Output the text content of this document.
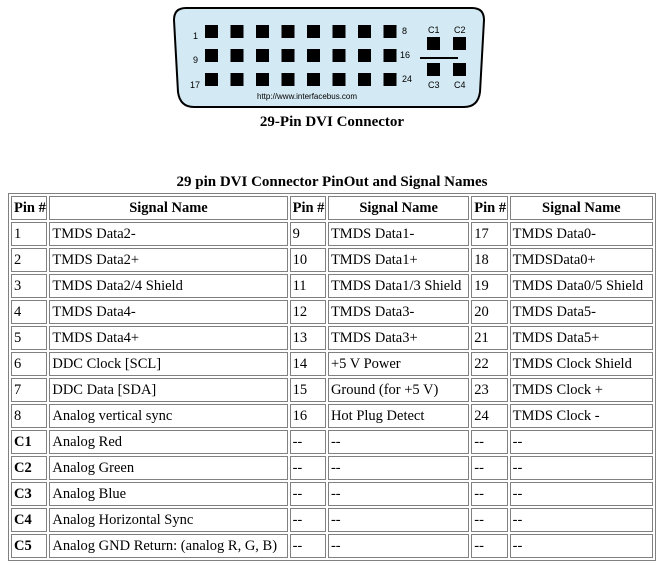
1
9
17
8
16
24
C1 C2
C3 C4
http://www.interfacebus.com
29-Pin DVI Connector
29 pin DVI Connector PinOut and Signal Names
Pin #	Signal Name	Pin #	Signal Name	Pin #	Signal Name
1	TMDS Data2-	9	TMDS Data1-	17	TMDS Data0-
2	TMDS Data2+	10	TMDS Data1+	18	TMDSData0+
3	TMDS Data2/4 Shield	11	TMDS Data1/3 Shield	19	TMDS Data0/5 Shield
4	TMDS Data4-	12	TMDS Data3-	20	TMDS Data5-
5	TMDS Data4+	13	TMDS Data3+	21	TMDS Data5+
6	DDC Clock [SCL]	14	+5 V Power	22	TMDS Clock Shield
7	DDC Data [SDA]	15	Ground (for +5 V)	23	TMDS Clock +
8	Analog vertical sync	16	Hot Plug Detect	24	TMDS Clock -
C1	Analog Red	--	--	--	--
C2	Analog Green	--	--	--	--
C3	Analog Blue	--	--	--	--
C4	Analog Horizontal Sync	--	--	--	--
C5	Analog GND Return: (analog R, G, B)	--	--	--	--
